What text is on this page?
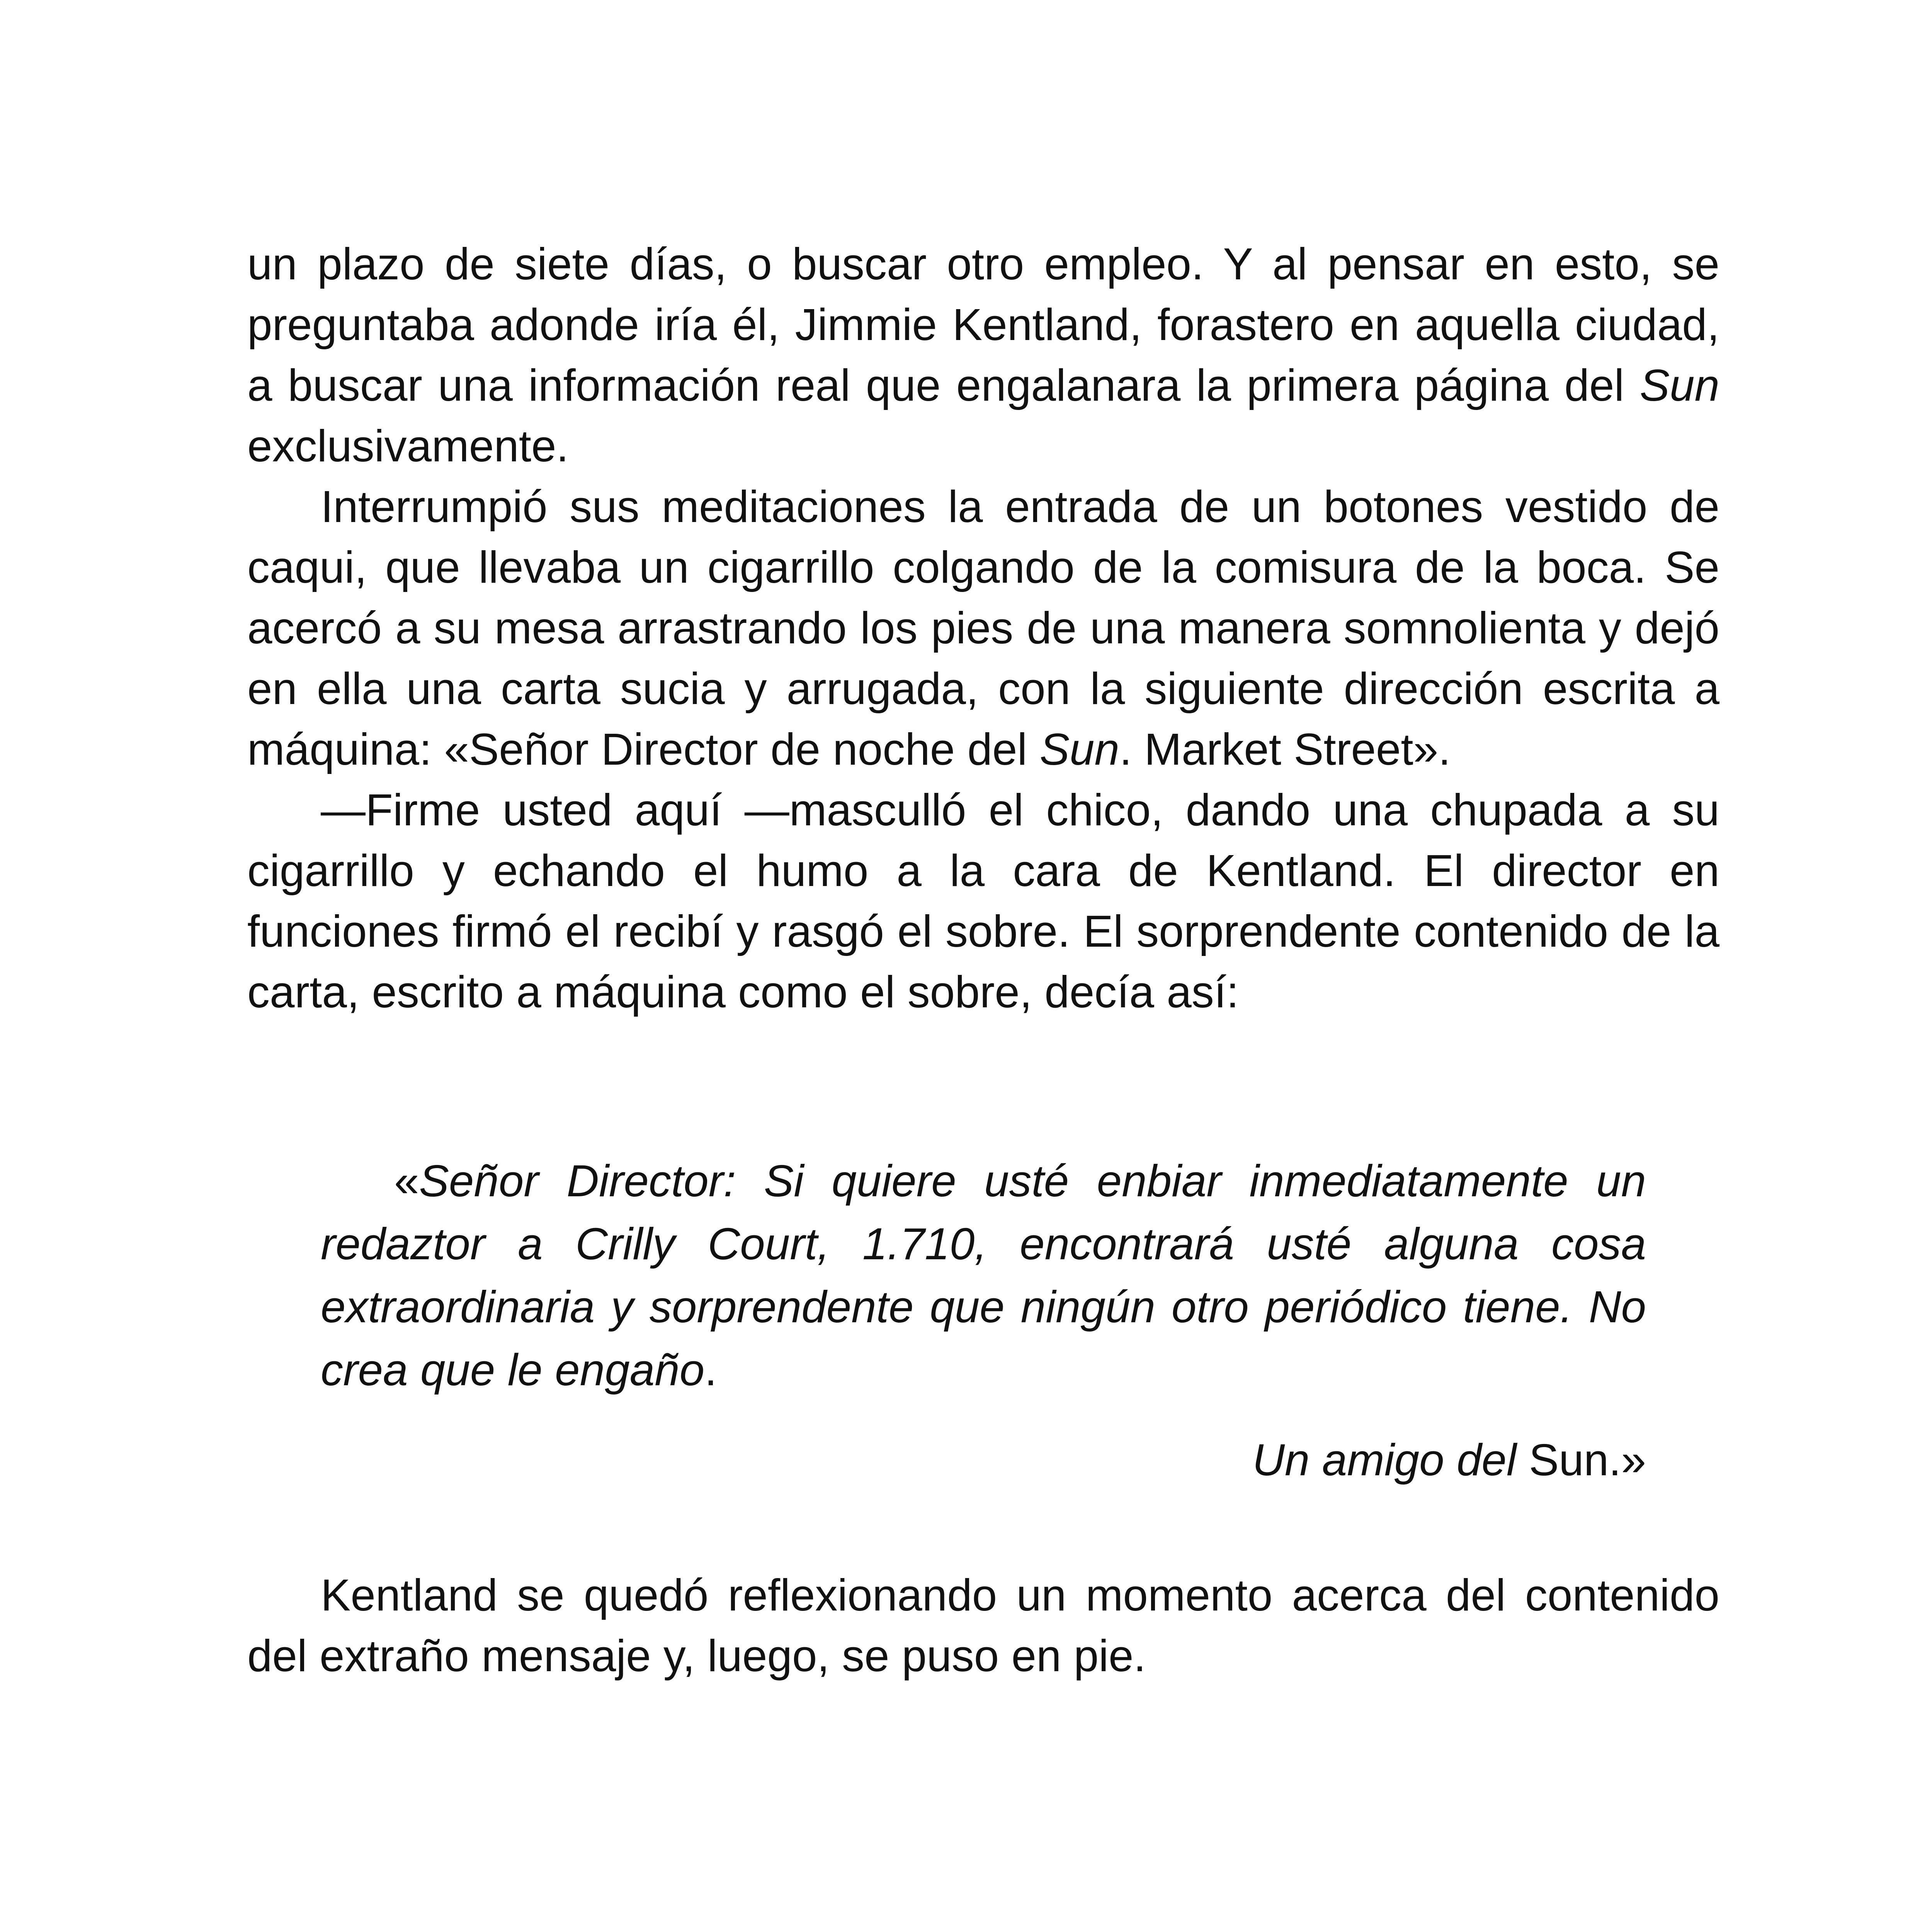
un plazo de siete días, o buscar otro empleo. Y al pensar en esto, se preguntaba adonde iría él, Jimmie Kentland, forastero en aquella ciudad, a buscar una información real que engalanara la primera página del Sun exclusivamente.

Interrumpió sus meditaciones la entrada de un botones vestido de caqui, que llevaba un cigarrillo colgando de la comisura de la boca. Se acercó a su mesa arrastrando los pies de una manera somnolienta y dejó en ella una carta sucia y arrugada, con la siguiente dirección escrita a máquina: «Señor Director de noche del Sun. Market Street».

—Firme usted aquí —masculló el chico, dando una chupada a su cigarrillo y echando el humo a la cara de Kentland. El director en funciones firmó el recibí y rasgó el sobre. El sorprendente contenido de la carta, escrito a máquina como el sobre, decía así:

«Señor Director: Si quiere usté enbiar inmediatamente un redaztor a Crilly Court, 1.710, encontrará usté alguna cosa extraordinaria y sorprendente que ningún otro periódico tiene. No crea que le engaño.

Un amigo del Sun.»

Kentland se quedó reflexionando un momento acerca del contenido del extraño mensaje y, luego, se puso en pie.
